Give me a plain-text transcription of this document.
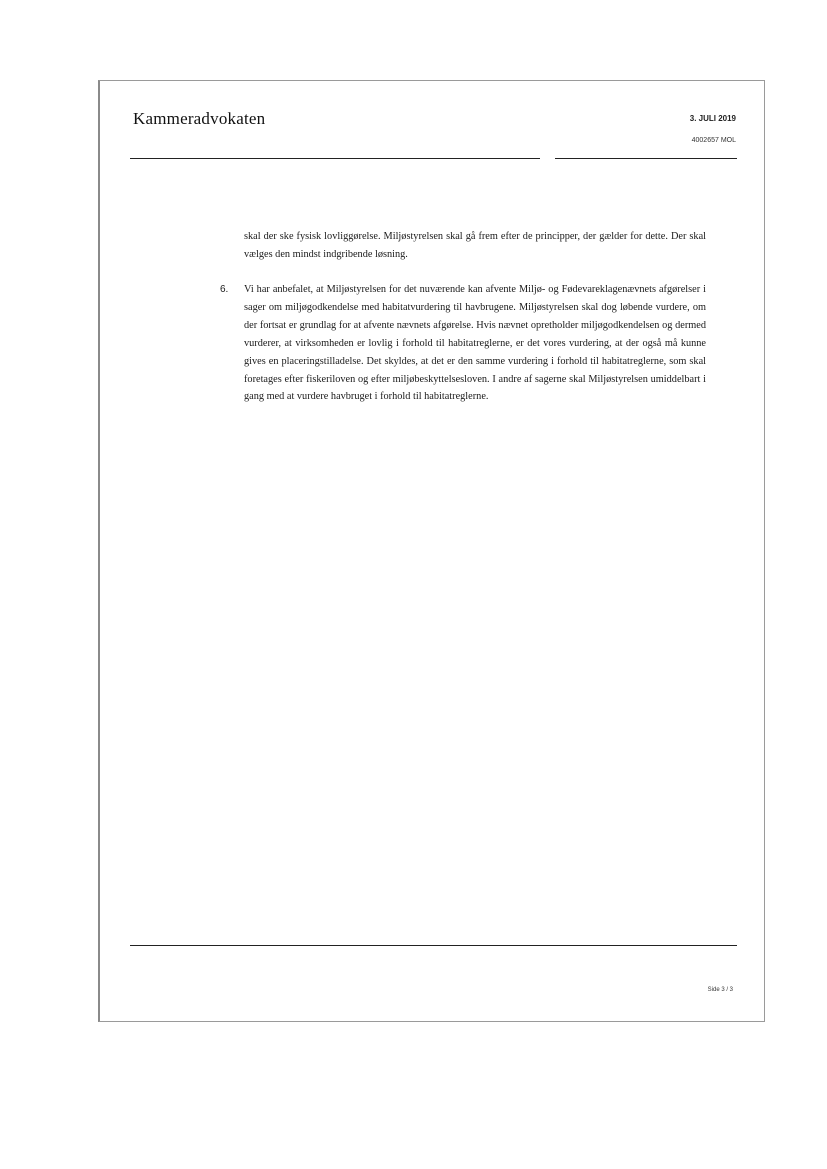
Kammeradvokaten	3. JULI 2019
4002657 MOL
skal der ske fysisk lovliggørelse. Miljøstyrelsen skal gå frem efter de principper, der gælder for dette. Der skal vælges den mindst indgribende løsning.
6.	Vi har anbefalet, at Miljøstyrelsen for det nuværende kan afvente Miljø- og Fødevareklagenævnets afgørelser i sager om miljøgodkendelse med habitatvurdering til havbrugene. Miljøstyrelsen skal dog løbende vurdere, om der fortsat er grundlag for at afvente nævnets afgørelse. Hvis nævnet opretholder miljøgodkendelsen og dermed vurderer, at virksomheden er lovlig i forhold til habitatreglerne, er det vores vurdering, at der også må kunne gives en placeringstilladelse. Det skyldes, at det er den samme vurdering i forhold til habitatreglerne, som skal foretages efter fiskeriloven og efter miljøbeskyttelsesloven. I andre af sagerne skal Miljøstyrelsen umiddelbart i gang med at vurdere havbruget i forhold til habitatreglerne.
Side 3 / 3
